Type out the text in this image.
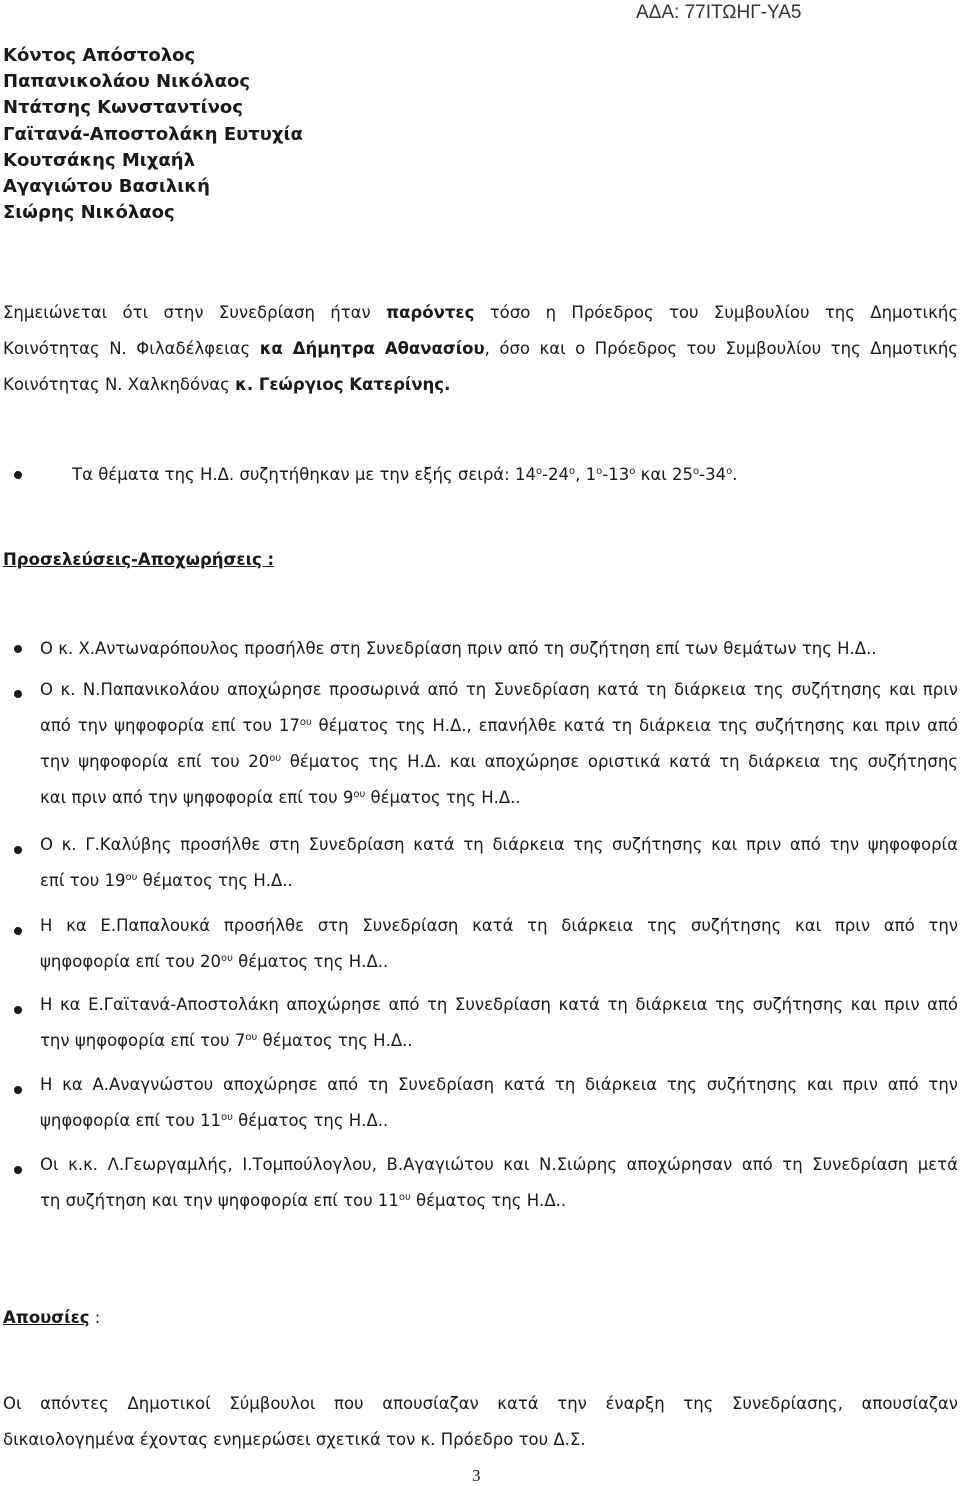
ΑΔΑ: 77ΙΤΩΗΓ-ΥΑ5
Κόντος Απόστολος
Παπανικολάου Νικόλαος
Ντάτσης Κωνσταντίνος
Γαϊτανά-Αποστολάκη Ευτυχία
Κουτσάκης Μιχαήλ
Αγαγιώτου Βασιλική
Σιώρης Νικόλαος
Σημειώνεται ότι στην Συνεδρίαση ήταν παρόντες τόσο η Πρόεδρος του Συμβουλίου της Δημοτικής
Κοινότητας Ν. Φιλαδέλφειας κα Δήμητρα Αθανασίου, όσο και ο Πρόεδρος του Συμβουλίου της Δημοτικής
Κοινότητας Ν. Χαλκηδόνας κ. Γεώργιος Κατερίνης.
Τα θέματα της Η.Δ. συζητήθηκαν με την εξής σειρά: $14^o-24^o$, $1^o-13^o$ και $25^o-34^o$.
Προσελεύσεις-Αποχωρήσεις :
Ο κ. Χ.Αντωναρόπουλος προσήλθε στη Συνεδρίαση πριν από τη συζήτηση επί των θεμάτων της Η.Δ..
Ο κ. Ν.Παπανικολάου αποχώρησε προσωρινά από τη Συνεδρίαση κατά τη διάρκεια της συζήτησης και πριν
από την ψηφοφορία επί του $17^{o\upsilon}$ θέματος της Η.Δ., επανήλθε κατά τη διάρκεια της συζήτησης και πριν από
την ψηφοφορία επί του $20^{o\upsilon}$ θέματος της Η.Δ. και αποχώρησε οριστικά κατά τη διάρκεια της συζήτησης
και πριν από την ψηφοφορία επί του $9^{o\upsilon}$ θέματος της Η.Δ..
Ο κ. Γ.Καλύβης προσήλθε στη Συνεδρίαση κατά τη διάρκεια της συζήτησης και πριν από την ψηφοφορία
επί του $19^{o\upsilon}$ θέματος της Η.Δ..
Η κα Ε.Παπαλουκά προσήλθε στη Συνεδρίαση κατά τη διάρκεια της συζήτησης και πριν από την
ψηφοφορία επί του $20^{o\upsilon}$ θέματος της Η.Δ..
Η κα Ε.Γαϊτανά-Αποστολάκη αποχώρησε από τη Συνεδρίαση κατά τη διάρκεια της συζήτησης και πριν από
την ψηφοφορία επί του $7^{o\upsilon}$ θέματος της Η.Δ..
Η κα Α.Αναγνώστου αποχώρησε από τη Συνεδρίαση κατά τη διάρκεια της συζήτησης και πριν από την
ψηφοφορία επί του $11^{o\upsilon}$ θέματος της Η.Δ..
Οι κ.κ. Λ.Γεωργαμλής, Ι.Τομπούλογλου, Β.Αγαγιώτου και Ν.Σιώρης αποχώρησαν από τη Συνεδρίαση μετά
τη συζήτηση και την ψηφοφορία επί του $11^{o\upsilon}$ θέματος της Η.Δ..
Απουσίες :
Οι απόντες Δημοτικοί Σύμβουλοι που απουσίαζαν κατά την έναρξη της Συνεδρίασης, απουσίαζαν
δικαιολογημένα έχοντας ενημερώσει σχετικά τον κ. Πρόεδρο του Δ.Σ.
3
